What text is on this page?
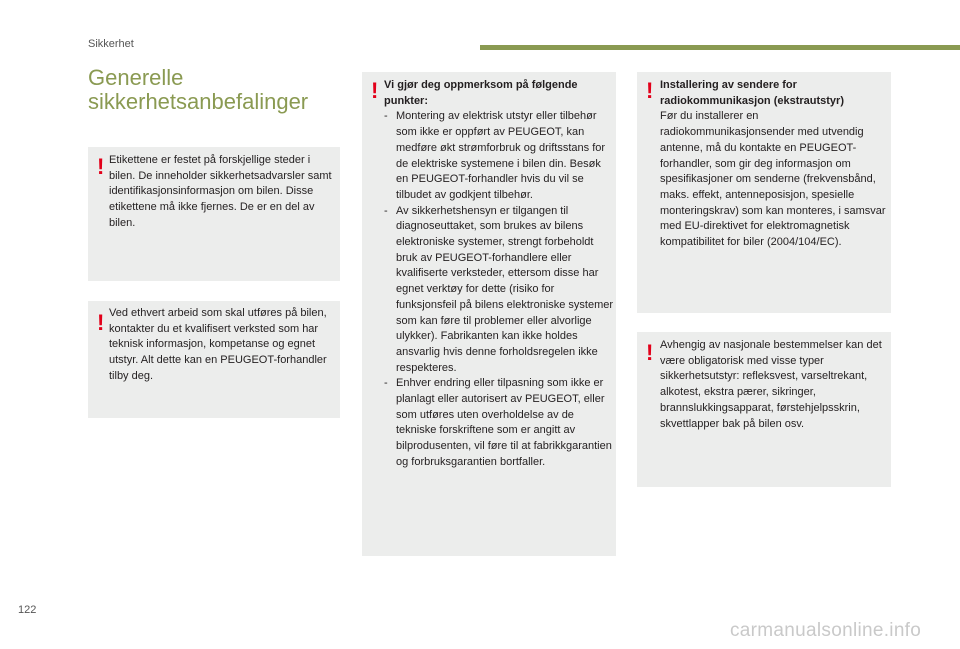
Sikkerhet
Generelle
sikkerhetsanbefalinger
! Etikettene er festet på forskjellige steder i bilen. De inneholder sikkerhetsadvarsler samt identifikasjonsinformasjon om bilen. Disse etikettene må ikke fjernes. De er en del av bilen.

! Ved ethvert arbeid som skal utføres på bilen, kontakter du et kvalifisert verksted som har teknisk informasjon, kompetanse og egnet utstyr. Alt dette kan en PEUGEOT-forhandler tilby deg.

! Vi gjør deg oppmerksom på følgende punkter:

- Montering av elektrisk utstyr eller tilbehør som ikke er oppført av PEUGEOT, kan medføre økt strømforbruk og driftsstans for de elektriske systemene i bilen din. Besøk en PEUGEOT-forhandler hvis du vil se tilbudet av godkjent tilbehør.
- Av sikkerhetshensyn er tilgangen til diagnoseuttaket, som brukes av bilens elektroniske systemer, strengt forbeholdt bruk av PEUGEOT-forhandlere eller kvalifiserte verksteder, ettersom disse har egnet verktøy for dette (risiko for funksjonsfeil på bilens elektroniske systemer som kan føre til problemer eller alvorlige ulykker). Fabrikanten kan ikke holdes ansvarlig hvis denne forholdsregelen ikke respekteres.
- Enhver endring eller tilpasning som ikke er planlagt eller autorisert av PEUGEOT, eller som utføres uten overholdelse av de tekniske forskriftene som er angitt av bilprodusenten, vil føre til at fabrikkgarantien og forbruksgarantien bortfaller.
! Installering av sendere for radiokommunikasjon (ekstrautstyr)

Før du installerer en radiokommunikasjonsender med utvendig antenne, må du kontakte en PEUGEOT-forhandler, som gir deg informasjon om spesifikasjoner om senderne (frekvensbånd, maks. effekt, antenneposisjon, spesielle monteringskrav) som kan monteres, i samsvar med EU-direktivet for elektromagnetisk kompatibilitet for biler (2004/104/EC).

! Avhengig av nasjonale bestemmelser kan det være obligatorisk med visse typer sikkerhetsutstyr: refleksvest, varseltrekant, alkotest, ekstra pærer, sikringer, brannslukkingsapparat, førstehjelpsskrin, skvettlapper bak på bilen osv.

122
carmanualsonline.info
